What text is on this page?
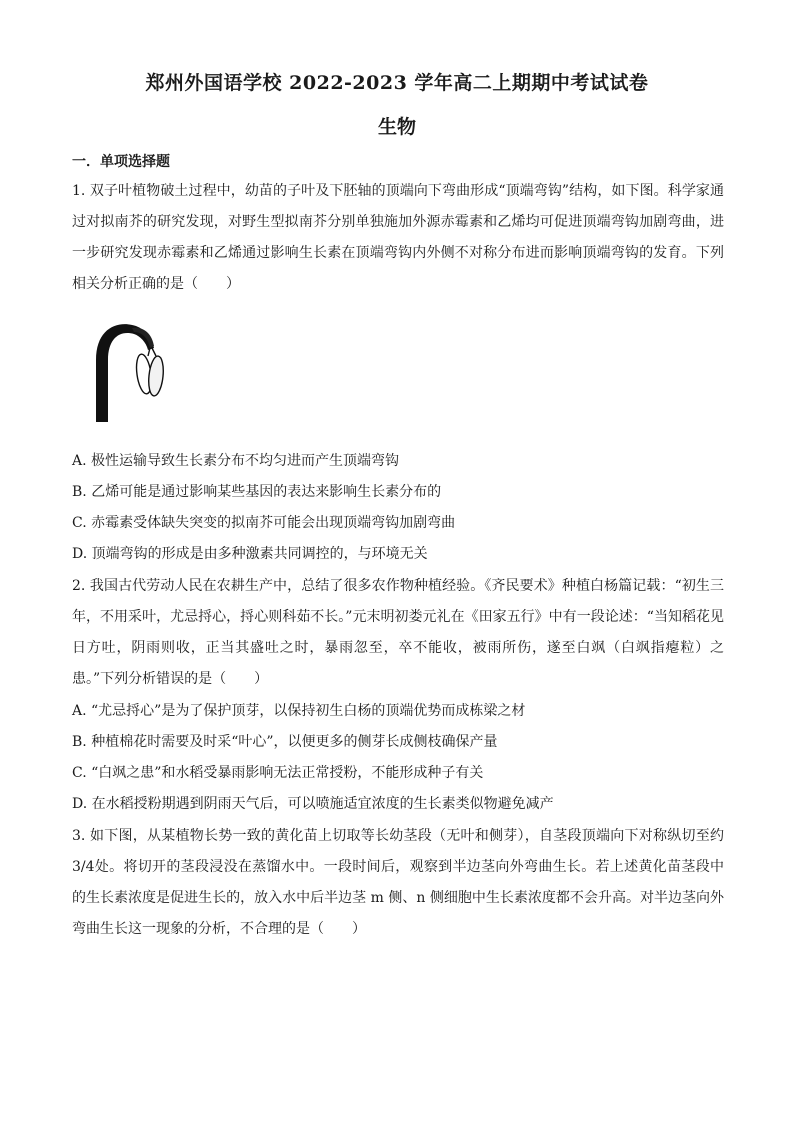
郑州外国语学校 2022-2023 学年高二上期期中考试试卷
生物
一．单项选择题
1. 双子叶植物破土过程中，幼苗的子叶及下胚轴的顶端向下弯曲形成“顶端弯钩”结构，如下图。科学家通过对拟南芥的研究发现，对野生型拟南芥分别单独施加外源赤霉素和乙烯均可促进顶端弯钩加剧弯曲，进一步研究发现赤霉素和乙烯通过影响生长素在顶端弯钩内外侧不对称分布进而影响顶端弯钩的发育。下列相关分析正确的是（　　）
A. 极性运输导致生长素分布不均匀进而产生顶端弯钩
B. 乙烯可能是通过影响某些基因的表达来影响生长素分布的
C. 赤霉素受体缺失突变的拟南芥可能会出现顶端弯钩加剧弯曲
D. 顶端弯钩的形成是由多种激素共同调控的，与环境无关
2. 我国古代劳动人民在农耕生产中，总结了很多农作物种植经验。《齐民要术》种植白杨篇记载：“初生三年，不用采叶，尤忌捋心，捋心则科茹不长。”元末明初娄元礼在《田家五行》中有一段论述：“当知稻花见日方吐，阴雨则收，正当其盛吐之时，暴雨忽至，卒不能收，被雨所伤，遂至白飒（白飒指瘪粒）之患。”下列分析错误的是（　　）
A. “尤忌捋心”是为了保护顶芽，以保持初生白杨的顶端优势而成栋梁之材
B. 种植棉花时需要及时采“叶心”，以便更多的侧芽长成侧枝确保产量
C. “白飒之患”和水稻受暴雨影响无法正常授粉，不能形成种子有关
D. 在水稻授粉期遇到阴雨天气后，可以喷施适宜浓度的生长素类似物避免减产
3. 如下图，从某植物长势一致的黄化苗上切取等长幼茎段（无叶和侧芽），自茎段顶端向下对称纵切至约3/4处。将切开的茎段浸没在蒸馏水中。一段时间后，观察到半边茎向外弯曲生长。若上述黄化苗茎段中的生长素浓度是促进生长的，放入水中后半边茎 m 侧、n 侧细胞中生长素浓度都不会升高。对半边茎向外弯曲生长这一现象的分析，不合理的是（　　）
